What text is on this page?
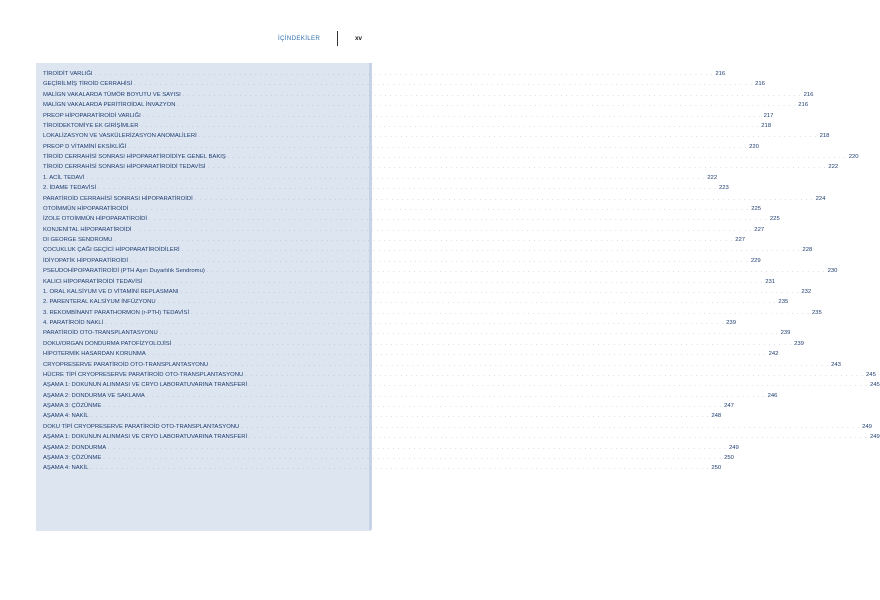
İÇİNDEKİLER	xv
TİROİDİT VARLIĞI . . . . . . . . . . . . . . . . . . . . . . . . . . . . . . . . . . . . . . . . . . . . . . . . . . . . . . . . . . . . . . . . . . . . . . . . . . . . . . . . . . . . . . . . . . . . . . . . . . . . . . . . . . . . . . . . . . . . . . . . 216
GEÇİRİLMİŞ TİROİD CERRAHİSİ . . . . . . . . . . . . . . . . . . . . . . . . . . . . . . . . . . . . . . . . . . . . . . . . . . . . . . . . . . . . . . . . . . . . . . . . . . . . . . . . . . . . . . . . . . . . . . . . . . . . . . . . . . . . . . . . . . . . . . . . 216
MALİGN VAKALARDA TÜMÖR BOYUTU VE SAYISI . . . . . . . . . . . . . . . . . . . . . . . . . . . . . . . . . . . . . . . . . . . . . . . . . . . . . . . . . . . . . . . . . . . . . . . . . . . . . . . . . . . . . . . . . . . . . . . . . . . . . . . . . . . . . . . . . . . . . . . . 216
MALİGN VAKALARDA PERİTİROİDAL İNVAZYON . . . . . . . . . . . . . . . . . . . . . . . . . . . . . . . . . . . . . . . . . . . . . . . . . . . . . . . . . . . . . . . . . . . . . . . . . . . . . . . . . . . . . . . . . . . . . . . . . . . . . . . . . . . . . . . . . . . . . . . . 216
PREOP HİPOPARATİROİDİ VARLIĞI . . . . . . . . . . . . . . . . . . . . . . . . . . . . . . . . . . . . . . . . . . . . . . . . . . . . . . . . . . . . . . . . . . . . . . . . . . . . . . . . . . . . . . . . . . . . . . . . . . . . . . . . . . . . . . . . . . . . . . . . 217
TİROİDEKTOMİYE EK GİRİŞİMLER . . . . . . . . . . . . . . . . . . . . . . . . . . . . . . . . . . . . . . . . . . . . . . . . . . . . . . . . . . . . . . . . . . . . . . . . . . . . . . . . . . . . . . . . . . . . . . . . . . . . . . . . . . . . . . . . . . . . . . . . 218
LOKALİZASYON VE VASKÜLERİZASYON ANOMALİLERİ . . . . . . . . . . . . . . . . . . . . . . . . . . . . . . . . . . . . . . . . . . . . . . . . . . . . . . . . . . . . . . . . . . . . . . . . . . . . . . . . . . . . . . . . . . . . . . . . . . . . . . . . . . . . . . . . . . . . . . . . 218
PREOP D VİTAMİNİ EKSİKLİĞİ . . . . . . . . . . . . . . . . . . . . . . . . . . . . . . . . . . . . . . . . . . . . . . . . . . . . . . . . . . . . . . . . . . . . . . . . . . . . . . . . . . . . . . . . . . . . . . . . . . . . . . . . . . . . . . . . . . . . . . . . 220
TİROİD CERRAHİSİ SONRASI HİPOPARATİROİDİYE GENEL BAKIŞ . . . . . . . . . . . . . . . . . . . . . . . . . . . . . . . . . . . . . . . . . . . . . . . . . . . . . . . . . . . . . . . . . . . . . . . . . . . . . . . . . . . . . . . . . . . . . . . . . . . . . . . . . . . . . . . . . . . . . . . . 220
TİROİD CERRAHİSİ SONRASI HİPOPARATİROİDİ TEDAVİSİ . . . . . . . . . . . . . . . . . . . . . . . . . . . . . . . . . . . . . . . . . . . . . . . . . . . . . . . . . . . . . . . . . . . . . . . . . . . . . . . . . . . . . . . . . . . . . . . . . . . . . . . . . . . . . . . . . . . . . . . . 222
1. ACİL TEDAVİ . . . . . . . . . . . . . . . . . . . . . . . . . . . . . . . . . . . . . . . . . . . . . . . . . . . . . . . . . . . . . . . . . . . . . . . . . . . . . . . . . . . . . . . . . . . . . . . . . . . . . . . . . . . . . . . . . . . . . . . . 222
2. İDAME TEDAVİSİ . . . . . . . . . . . . . . . . . . . . . . . . . . . . . . . . . . . . . . . . . . . . . . . . . . . . . . . . . . . . . . . . . . . . . . . . . . . . . . . . . . . . . . . . . . . . . . . . . . . . . . . . . . . . . . . . . . . . . . . . 223
PARATİROİD CERRAHİSİ SONRASI HİPOPARATİROİDİ . . . . . . . . . . . . . . . . . . . . . . . . . . . . . . . . . . . . . . . . . . . . . . . . . . . . . . . . . . . . . . . . . . . . . . . . . . . . . . . . . . . . . . . . . . . . . . . . . . . . . . . . . . . . . . . . . . . . . . . . 224
OTOİMMÜN HİPOPARATİROİDİ . . . . . . . . . . . . . . . . . . . . . . . . . . . . . . . . . . . . . . . . . . . . . . . . . . . . . . . . . . . . . . . . . . . . . . . . . . . . . . . . . . . . . . . . . . . . . . . . . . . . . . . . . . . . . . . . . . . . . . . . 225
İZOLE OTOİMMÜN HİPOPARATİROİDİ . . . . . . . . . . . . . . . . . . . . . . . . . . . . . . . . . . . . . . . . . . . . . . . . . . . . . . . . . . . . . . . . . . . . . . . . . . . . . . . . . . . . . . . . . . . . . . . . . . . . . . . . . . . . . . . . . . . . . . . . 225
KONJENİTAL HİPOPARATİROİDİ . . . . . . . . . . . . . . . . . . . . . . . . . . . . . . . . . . . . . . . . . . . . . . . . . . . . . . . . . . . . . . . . . . . . . . . . . . . . . . . . . . . . . . . . . . . . . . . . . . . . . . . . . . . . . . . . . . . . . . . . 227
DI GEORGE SENDROMU . . . . . . . . . . . . . . . . . . . . . . . . . . . . . . . . . . . . . . . . . . . . . . . . . . . . . . . . . . . . . . . . . . . . . . . . . . . . . . . . . . . . . . . . . . . . . . . . . . . . . . . . . . . . . . . . . . . . . . . . 227
ÇOCUKLUK ÇAĞI GEÇİCİ HİPOPARATİROİDİLERİ . . . . . . . . . . . . . . . . . . . . . . . . . . . . . . . . . . . . . . . . . . . . . . . . . . . . . . . . . . . . . . . . . . . . . . . . . . . . . . . . . . . . . . . . . . . . . . . . . . . . . . . . . . . . . . . . . . . . . . . . 228
İDİYOPATİK HİPOPARATİROİDİ . . . . . . . . . . . . . . . . . . . . . . . . . . . . . . . . . . . . . . . . . . . . . . . . . . . . . . . . . . . . . . . . . . . . . . . . . . . . . . . . . . . . . . . . . . . . . . . . . . . . . . . . . . . . . . . . . . . . . . . . 229
PSEUDOHİPOPARATİROİDİ (PTH Aşırı Duyarlılık Sendromu) . . . . . . . . . . . . . . . . . . . . . . . . . . . . . . . . . . . . . . . . . . . . . . . . . . . . . . . . . . . . . . . . . . . . . . . . . . . . . . . . . . . . . . . . . . . . . . . . . . . . . . . . . . . . . . . . . . . . . . . . 230
KALICI HİPOPARATİROİDİ TEDAVİSİ . . . . . . . . . . . . . . . . . . . . . . . . . . . . . . . . . . . . . . . . . . . . . . . . . . . . . . . . . . . . . . . . . . . . . . . . . . . . . . . . . . . . . . . . . . . . . . . . . . . . . . . . . . . . . . . . . . . . . . . . 231
1. ORAL KALSİYUM VE D VİTAMİNİ REPLASMANI . . . . . . . . . . . . . . . . . . . . . . . . . . . . . . . . . . . . . . . . . . . . . . . . . . . . . . . . . . . . . . . . . . . . . . . . . . . . . . . . . . . . . . . . . . . . . . . . . . . . . . . . . . . . . . . . . . . . . . . . 232
2. PARENTERAL KALSİYUM İNFÜZYONU . . . . . . . . . . . . . . . . . . . . . . . . . . . . . . . . . . . . . . . . . . . . . . . . . . . . . . . . . . . . . . . . . . . . . . . . . . . . . . . . . . . . . . . . . . . . . . . . . . . . . . . . . . . . . . . . . . . . . . . . 235
3. REKOMBİNANT PARATHORMON (r-PTH) TEDAVİSİ . . . . . . . . . . . . . . . . . . . . . . . . . . . . . . . . . . . . . . . . . . . . . . . . . . . . . . . . . . . . . . . . . . . . . . . . . . . . . . . . . . . . . . . . . . . . . . . . . . . . . . . . . . . . . . . . . . . . . . . . 235
4. PARATİROİD NAKLİ . . . . . . . . . . . . . . . . . . . . . . . . . . . . . . . . . . . . . . . . . . . . . . . . . . . . . . . . . . . . . . . . . . . . . . . . . . . . . . . . . . . . . . . . . . . . . . . . . . . . . . . . . . . . . . . . . . . . . . . . 239
PARATİROİD OTO-TRANSPLANTASYONU . . . . . . . . . . . . . . . . . . . . . . . . . . . . . . . . . . . . . . . . . . . . . . . . . . . . . . . . . . . . . . . . . . . . . . . . . . . . . . . . . . . . . . . . . . . . . . . . . . . . . . . . . . . . . . . . . . . . . . . . 239
DOKU/ORGAN DONDURMA PATOFİZYOLOJİSİ . . . . . . . . . . . . . . . . . . . . . . . . . . . . . . . . . . . . . . . . . . . . . . . . . . . . . . . . . . . . . . . . . . . . . . . . . . . . . . . . . . . . . . . . . . . . . . . . . . . . . . . . . . . . . . . . . . . . . . . . 239
HİPOTERMİK HASARDAN KORUNMA . . . . . . . . . . . . . . . . . . . . . . . . . . . . . . . . . . . . . . . . . . . . . . . . . . . . . . . . . . . . . . . . . . . . . . . . . . . . . . . . . . . . . . . . . . . . . . . . . . . . . . . . . . . . . . . . . . . . . . . . 242
CRYOPRESERVE PARATİROİD OTO-TRANSPLANTASYONU . . . . . . . . . . . . . . . . . . . . . . . . . . . . . . . . . . . . . . . . . . . . . . . . . . . . . . . . . . . . . . . . . . . . . . . . . . . . . . . . . . . . . . . . . . . . . . . . . . . . . . . . . . . . . . . . . . . . . . . . 243
HÜCRE TİPİ CRYOPRESERVE PARATİROİD OTO-TRANSPLANTASYONU . . . . . . . . . . . . . . . . . . . . . . . . . . . . . . . . . . . . . . . . . . . . . . . . . . . . . . . . . . . . . . . . . . . . . . . . . . . . . . . . . . . . . . . . . . . . . . . . . . . . . . . . . . . . . . . . . . . . . . . . 245
AŞAMA 1: DOKUNUN ALINMASI VE CRYO LABORATUVARINA TRANSFERİ . . . . . . . . . . . . . . . . . . . . . . . . . . . . . . . . . . . . . . . . . . . . . . . . . . . . . . . . . . . . . . . . . . . . . . . . . . . . . . . . . . . . . . . . . . . . . . . . . . . . . . . . . . . . . . . . . . . . . . . . 245
AŞAMA 2: DONDURMA VE SAKLAMA . . . . . . . . . . . . . . . . . . . . . . . . . . . . . . . . . . . . . . . . . . . . . . . . . . . . . . . . . . . . . . . . . . . . . . . . . . . . . . . . . . . . . . . . . . . . . . . . . . . . . . . . . . . . . . . . . . . . . . . . 246
AŞAMA 3: ÇÖZÜNME . . . . . . . . . . . . . . . . . . . . . . . . . . . . . . . . . . . . . . . . . . . . . . . . . . . . . . . . . . . . . . . . . . . . . . . . . . . . . . . . . . . . . . . . . . . . . . . . . . . . . . . . . . . . . . . . . . . . . . . . 247
AŞAMA 4: NAKİL . . . . . . . . . . . . . . . . . . . . . . . . . . . . . . . . . . . . . . . . . . . . . . . . . . . . . . . . . . . . . . . . . . . . . . . . . . . . . . . . . . . . . . . . . . . . . . . . . . . . . . . . . . . . . . . . . . . . . . . . 248
DOKU TİPİ CRYOPRESERVE PARATİROİD OTO-TRANSPLANTASYONU . . . . . . . . . . . . . . . . . . . . . . . . . . . . . . . . . . . . . . . . . . . . . . . . . . . . . . . . . . . . . . . . . . . . . . . . . . . . . . . . . . . . . . . . . . . . . . . . . . . . . . . . . . . . . . . . . . . . . . . . 249
AŞAMA 1: DOKUNUN ALINMASI VE CRYO LABORATUVARINA TRANSFERİ . . . . . . . . . . . . . . . . . . . . . . . . . . . . . . . . . . . . . . . . . . . . . . . . . . . . . . . . . . . . . . . . . . . . . . . . . . . . . . . . . . . . . . . . . . . . . . . . . . . . . . . . . . . . . . . . . . . . . . . . 249
AŞAMA 2: DONDURMA . . . . . . . . . . . . . . . . . . . . . . . . . . . . . . . . . . . . . . . . . . . . . . . . . . . . . . . . . . . . . . . . . . . . . . . . . . . . . . . . . . . . . . . . . . . . . . . . . . . . . . . . . . . . . . . . . . . . . . . . 249
AŞAMA 3: ÇÖZÜNME . . . . . . . . . . . . . . . . . . . . . . . . . . . . . . . . . . . . . . . . . . . . . . . . . . . . . . . . . . . . . . . . . . . . . . . . . . . . . . . . . . . . . . . . . . . . . . . . . . . . . . . . . . . . . . . . . . . . . . . . 250
AŞAMA 4: NAKİL . . . . . . . . . . . . . . . . . . . . . . . . . . . . . . . . . . . . . . . . . . . . . . . . . . . . . . . . . . . . . . . . . . . . . . . . . . . . . . . . . . . . . . . . . . . . . . . . . . . . . . . . . . . . . . . . . . . . . . . . 250
